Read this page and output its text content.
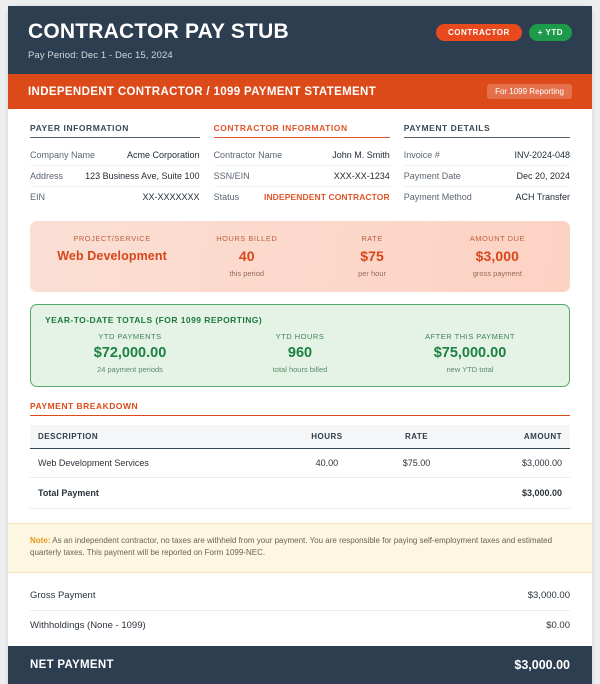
CONTRACTOR PAY STUB
Pay Period: Dec 1 - Dec 15, 2024
CONTRACTOR	+ YTD
INDEPENDENT CONTRACTOR / 1099 PAYMENT STATEMENT	For 1099 Reporting
PAYER INFORMATION
Company Name	Acme Corporation
Address 123 Business Ave, Suite 100
EIN	XX-XXXXXXX
CONTRACTOR INFORMATION
Contractor Name	John M. Smith
SSN/EIN	XXX-XX-1234
Status	INDEPENDENT CONTRACTOR
PAYMENT DETAILS
Invoice #	INV-2024-048
Payment Date	Dec 20, 2024
Payment Method	ACH Transfer
PROJECT/SERVICE
Web Development
HOURS BILLED
40
this period
RATE
$75
per hour
AMOUNT DUE
$3,000
gross payment
YEAR-TO-DATE TOTALS (FOR 1099 REPORTING)
YTD PAYMENTS
$72,000.00
24 payment periods
YTD HOURS
960
total hours billed
AFTER THIS PAYMENT
$75,000.00
new YTD total
PAYMENT BREAKDOWN
DESCRIPTION	HOURS	RATE	AMOUNT
Web Development Services	40.00	$75.00	$3,000.00
Total Payment			$3,000.00

Note: As an independent contractor, no taxes are withheld from your payment. You are responsible for paying self-employment taxes and estimated quarterly taxes. This payment will be reported on Form 1099-NEC.

Gross Payment	$3,000.00
Withholdings (None - 1099)	$0.00
NET PAYMENT	$3,000.00
